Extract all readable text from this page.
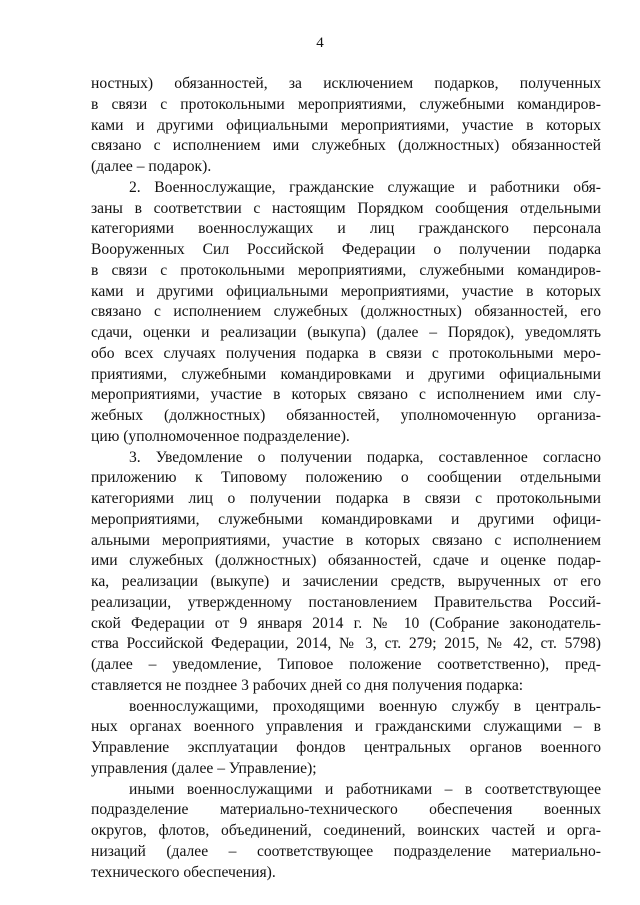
4
ностных) обязанностей, за исключением подарков, полученных
в связи с протокольными мероприятиями, служебными командиров-
ками и другими официальными мероприятиями, участие в которых
связано с исполнением ими служебных (должностных) обязанностей
(далее – подарок).
2. Военнослужащие, гражданские служащие и работники обя-
заны в соответствии с настоящим Порядком сообщения отдельными
категориями военнослужащих и лиц гражданского персонала
Вооруженных Сил Российской Федерации о получении подарка
в связи с протокольными мероприятиями, служебными командиров-
ками и другими официальными мероприятиями, участие в которых
связано с исполнением служебных (должностных) обязанностей, его
сдачи, оценки и реализации (выкупа) (далее – Порядок), уведомлять
обо всех случаях получения подарка в связи с протокольными меро-
приятиями, служебными командировками и другими официальными
мероприятиями, участие в которых связано с исполнением ими слу-
жебных (должностных) обязанностей, уполномоченную организа-
цию (уполномоченное подразделение).
3. Уведомление о получении подарка, составленное согласно
приложению к Типовому положению о сообщении отдельными
категориями лиц о получении подарка в связи с протокольными
мероприятиями, служебными командировками и другими офици-
альными мероприятиями, участие в которых связано с исполнением
ими служебных (должностных) обязанностей, сдаче и оценке подар-
ка, реализации (выкупе) и зачислении средств, вырученных от его
реализации, утвержденному постановлением Правительства Россий-
ской Федерации от 9 января 2014 г. № 10 (Собрание законодатель-
ства Российской Федерации, 2014, № 3, ст. 279; 2015, № 42, ст. 5798)
(далее – уведомление, Типовое положение соответственно), пред-
ставляется не позднее 3 рабочих дней со дня получения подарка:
военнослужащими, проходящими военную службу в централь-
ных органах военного управления и гражданскими служащими – в
Управление эксплуатации фондов центральных органов военного
управления (далее – Управление);
иными военнослужащими и работниками – в соответствующее
подразделение материально-технического обеспечения военных
округов, флотов, объединений, соединений, воинских частей и орга-
низаций (далее – соответствующее подразделение материально-
технического обеспечения).
